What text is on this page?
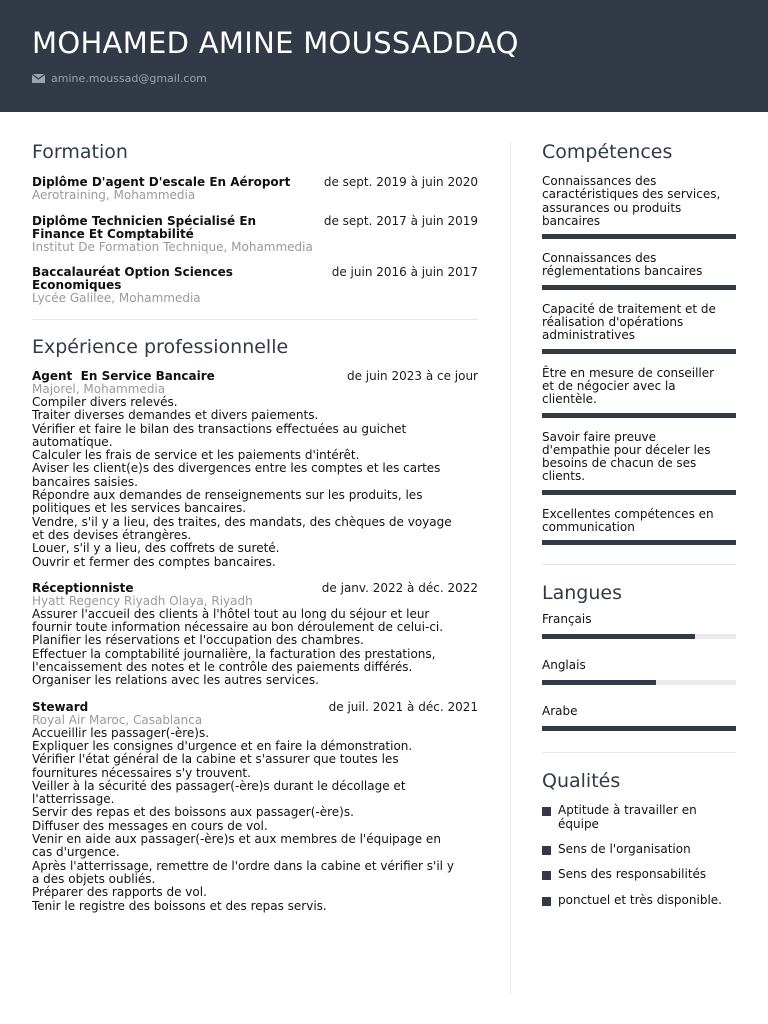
MOHAMED AMINE MOUSSADDAQ
amine.moussad@gmail.com
Formation
Diplôme D'agent D'escale En Aéroport	de sept. 2019 à juin 2020
Aerotraining, Mohammedia
Diplôme Technicien Spécialisé En
Finance Et Comptabilité
de sept. 2017 à juin 2019
Institut De Formation Technique, Mohammedia
Baccalauréat Option Sciences
Economiques
de juin 2016 à juin 2017
Lycée Galilee, Mohammedia
Expérience professionnelle
Agent  En Service Bancaire	de juin 2023 à ce jour
Majorel, Mohammedia
Compiler divers relevés.
Traiter diverses demandes et divers paiements.
Vérifier et faire le bilan des transactions effectuées au guichet
automatique.
Calculer les frais de service et les paiements d'intérêt.
Aviser les client(e)s des divergences entre les comptes et les cartes
bancaires saisies.
Répondre aux demandes de renseignements sur les produits, les
politiques et les services bancaires.
Vendre, s'il y a lieu, des traites, des mandats, des chèques de voyage
et des devises étrangères.
Louer, s'il y a lieu, des coffrets de sureté.
Ouvrir et fermer des comptes bancaires.
Réceptionniste	de janv. 2022 à déc. 2022
Hyatt Regency Riyadh Olaya, Riyadh
Assurer l'accueil des clients à l'hôtel tout au long du séjour et leur
fournir toute information nécessaire au bon déroulement de celui-ci.
Planifier les réservations et l'occupation des chambres.
Effectuer la comptabilité journalière, la facturation des prestations,
l'encaissement des notes et le contrôle des paiements différés.
Organiser les relations avec les autres services.
Steward	de juil. 2021 à déc. 2021
Royal Air Maroc, Casablanca
Accueillir les passager(-ère)s.
Expliquer les consignes d'urgence et en faire la démonstration.
Vérifier l'état général de la cabine et s'assurer que toutes les
fournitures nécessaires s'y trouvent.
Veiller à la sécurité des passager(-ère)s durant le décollage et
l'atterrissage.
Servir des repas et des boissons aux passager(-ère)s.
Diffuser des messages en cours de vol.
Venir en aide aux passager(-ère)s et aux membres de l'équipage en
cas d'urgence.
Après l'atterrissage, remettre de l'ordre dans la cabine et vérifier s'il y
a des objets oubliés.
Préparer des rapports de vol.
Tenir le registre des boissons et des repas servis.
Compétences
Connaissances des
caractéristiques des services,
assurances ou produits
bancaires
Connaissances des
réglementations bancaires
Capacité de traitement et de
réalisation d'opérations
administratives
Être en mesure de conseiller
et de négocier avec la
clientèle.
Savoir faire preuve
d'empathie pour déceler les
besoins de chacun de ses
clients.
Excellentes compétences en
communication
Langues
Français
Anglais
Arabe
Qualités
Aptitude à travailler en
équipe
Sens de l'organisation
Sens des responsabilités
ponctuel et très disponible.
